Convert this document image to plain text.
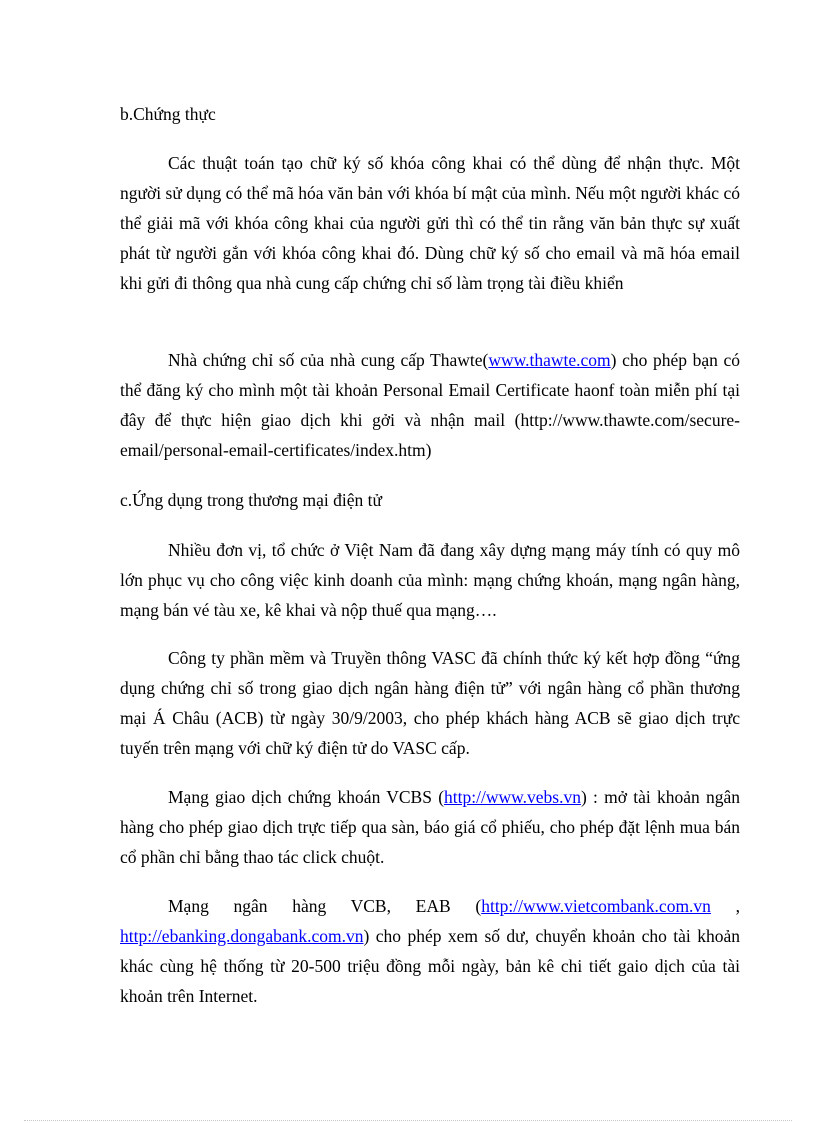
b.Chứng thực

Các thuật toán tạo chữ ký số khóa công khai có thể dùng để nhận thực. Một người sử dụng có thể mã hóa văn bản với khóa bí mật của mình. Nếu một người khác có thể giải mã với khóa công khai của người gửi thì có thể tin rằng văn bản thực sự xuất phát từ người gắn với khóa công khai đó. Dùng chữ ký số cho email và mã hóa email khi gửi đi thông qua nhà cung cấp chứng chỉ số làm trọng tài điều khiển

Nhà chứng chỉ số của nhà cung cấp Thawte(www.thawte.com) cho phép bạn có thể đăng ký cho mình một tài khoản Personal Email Certificate haonf toàn miễn phí tại đây để thực hiện giao dịch khi gởi và nhận mail (http://www.thawte.com/secure-email/personal-email-certificates/index.htm)

c.Ứng dụng trong thương mại điện tử

Nhiều đơn vị, tổ chức ở Việt Nam đã đang xây dựng mạng máy tính có quy mô lớn phục vụ cho công việc kinh doanh của mình: mạng chứng khoán, mạng ngân hàng, mạng bán vé tàu xe, kê khai và nộp thuế qua mạng….

Công ty phần mềm và Truyền thông VASC đã chính thức ký kết hợp đồng “ứng dụng chứng chỉ số trong giao dịch ngân hàng điện tử” với ngân hàng cổ phần thương mại Á Châu (ACB) từ ngày 30/9/2003, cho phép khách hàng ACB sẽ giao dịch trực tuyến trên mạng với chữ ký điện tử do VASC cấp.

Mạng giao dịch chứng khoán VCBS (http://www.vebs.vn) : mở tài khoản ngân hàng cho phép giao dịch trực tiếp qua sàn, báo giá cổ phiếu, cho phép đặt lệnh mua bán cổ phần chỉ bằng thao tác click chuột.

Mạng ngân hàng VCB, EAB (http://www.vietcombank.com.vn , http://ebanking.dongabank.com.vn) cho phép xem số dư, chuyển khoản cho tài khoản khác cùng hệ thống từ 20-500 triệu đồng mỗi ngày, bản kê chi tiết gaio dịch của tài khoản trên Internet.
